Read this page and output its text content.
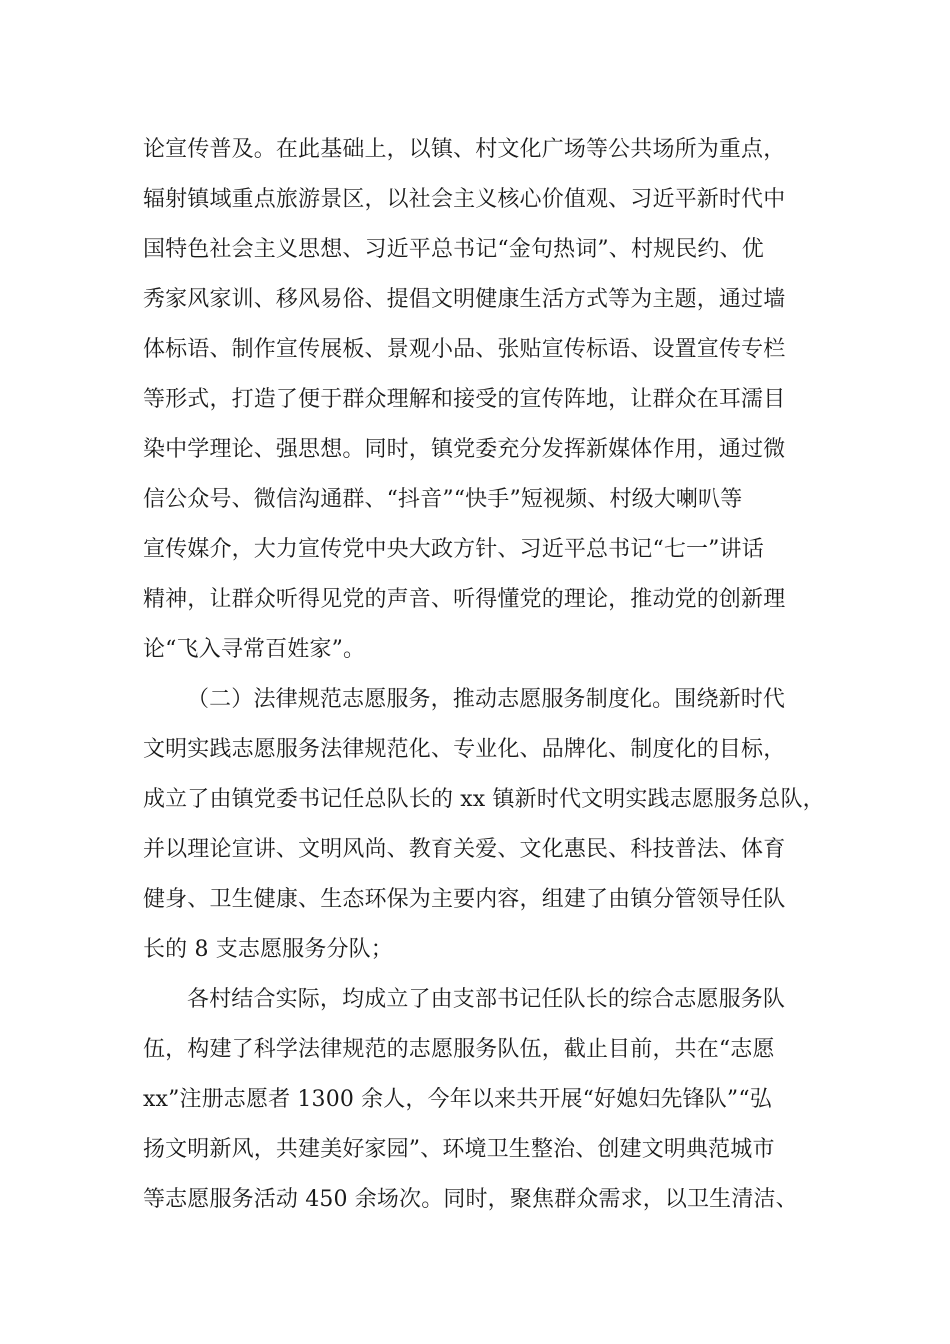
论宣传普及。在此基础上，以镇、村文化广场等公共场所为重点，
辐射镇域重点旅游景区，以社会主义核心价值观、习近平新时代中
国特色社会主义思想、习近平总书记“金句热词”、村规民约、优
秀家风家训、移风易俗、提倡文明健康生活方式等为主题，通过墙
体标语、制作宣传展板、景观小品、张贴宣传标语、设置宣传专栏
等形式，打造了便于群众理解和接受的宣传阵地，让群众在耳濡目
染中学理论、强思想。同时，镇党委充分发挥新媒体作用，通过微
信公众号、微信沟通群、“抖音”“快手”短视频、村级大喇叭等
宣传媒介，大力宣传党中央大政方针、习近平总书记“七一”讲话
精神，让群众听得见党的声音、听得懂党的理论，推动党的创新理
论“飞入寻常百姓家”。
（二）法律规范志愿服务，推动志愿服务制度化。围绕新时代
文明实践志愿服务法律规范化、专业化、品牌化、制度化的目标，
成立了由镇党委书记任总队长的 xx 镇新时代文明实践志愿服务总队，
并以理论宣讲、文明风尚、教育关爱、文化惠民、科技普法、体育
健身、卫生健康、生态环保为主要内容，组建了由镇分管领导任队
长的 8 支志愿服务分队；
各村结合实际，均成立了由支部书记任队长的综合志愿服务队
伍，构建了科学法律规范的志愿服务队伍，截止目前，共在“志愿
xx”注册志愿者 1300 余人，今年以来共开展“好媳妇先锋队”“弘
扬文明新风，共建美好家园”、环境卫生整治、创建文明典范城市
等志愿服务活动 450 余场次。同时，聚焦群众需求，以卫生清洁、
